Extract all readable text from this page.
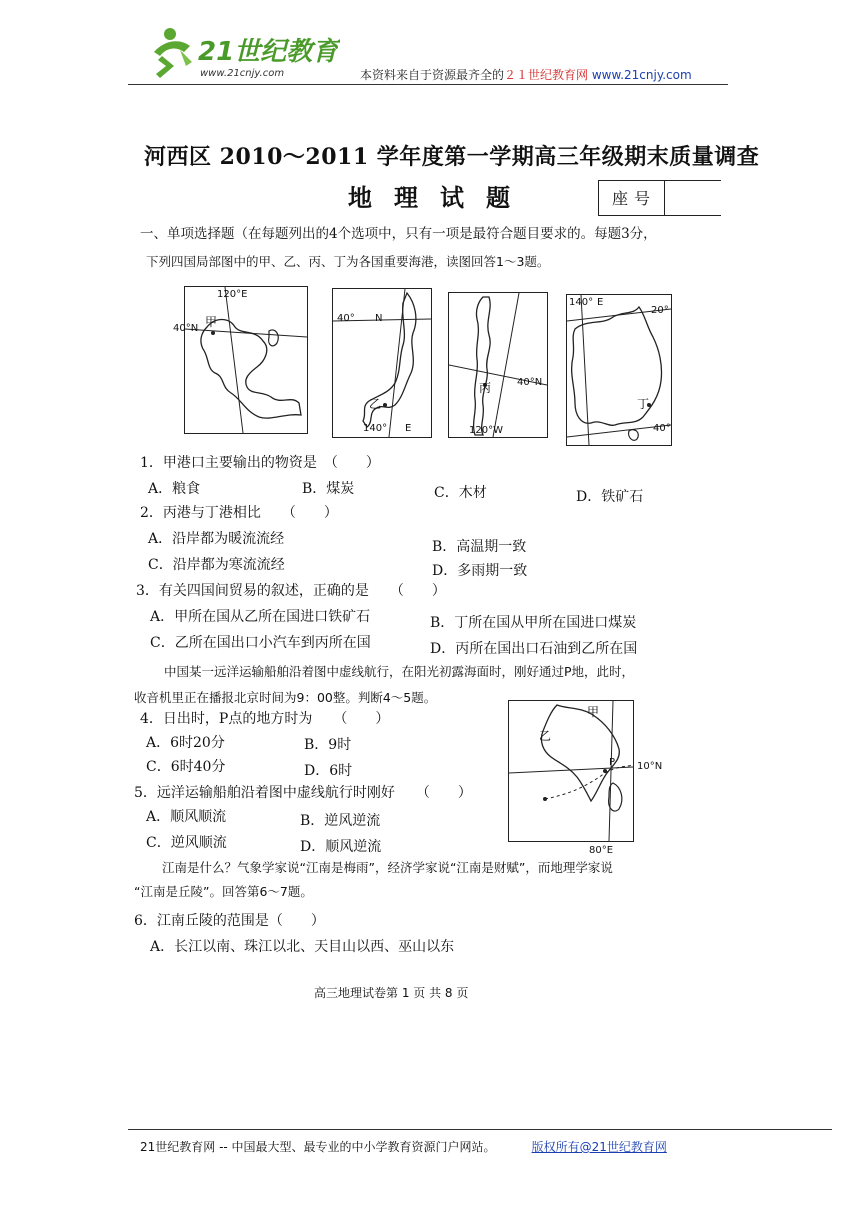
21世纪教育
www.21cnjy.com	本资料来自于资源最齐全的２１世纪教育网 www.21cnjy.com
河西区 2010～2011 学年度第一学期高三年级期末质量调查
地理试题	座号
一、单项选择题（在每题列出的4个选项中，只有一项是最符合题目要求的。每题3分，
下列四国局部图中的甲、乙、丙、丁为各国重要海港，读图回答1～3题。
120°E
40°N 甲	40° N
乙
140° E
丙	40°N
120°W
140° E
20°
丁
40°
1．甲港口主要输出的物资是　（　　）
A．粮食	B．煤炭	C．木材	D．铁矿石
2．丙港与丁港相比　　（　　）
A．沿岸都为暖流流经	B．高温期一致
C．沿岸都为寒流流经	D．多雨期一致
3．有关四国间贸易的叙述，正确的是　　（　　）
A．甲所在国从乙所在国进口铁矿石	B．丁所在国从甲所在国进口煤炭
C．乙所在国出口小汽车到丙所在国	D．丙所在国出口石油到乙所在国
中国某一远洋运输船舶沿着图中虚线航行，在阳光初露海面时，刚好通过P地，此时，
收音机里正在播报北京时间为9：00整。判断4～5题。
甲
乙
P 10°N
80°E
4．日出时，P点的地方时为　　（　　）
A．6时20分	B．9时
C．6时40分	D．6时
5．远洋运输船舶沿着图中虚线航行时刚好　　（　　）
A．顺风顺流	B．逆风逆流
C．逆风顺流	D．顺风逆流
江南是什么？气象学家说“江南是梅雨”，经济学家说“江南是财赋”，而地理学家说
“江南是丘陵”。回答第6～7题。
6．江南丘陵的范围是（　　）
A．长江以南、珠江以北、天目山以西、巫山以东
高三地理试卷第 1 页 共 8 页
21世纪教育网 -- 中国最大型、最专业的中小学教育资源门户网站。	版权所有@21世纪教育网
